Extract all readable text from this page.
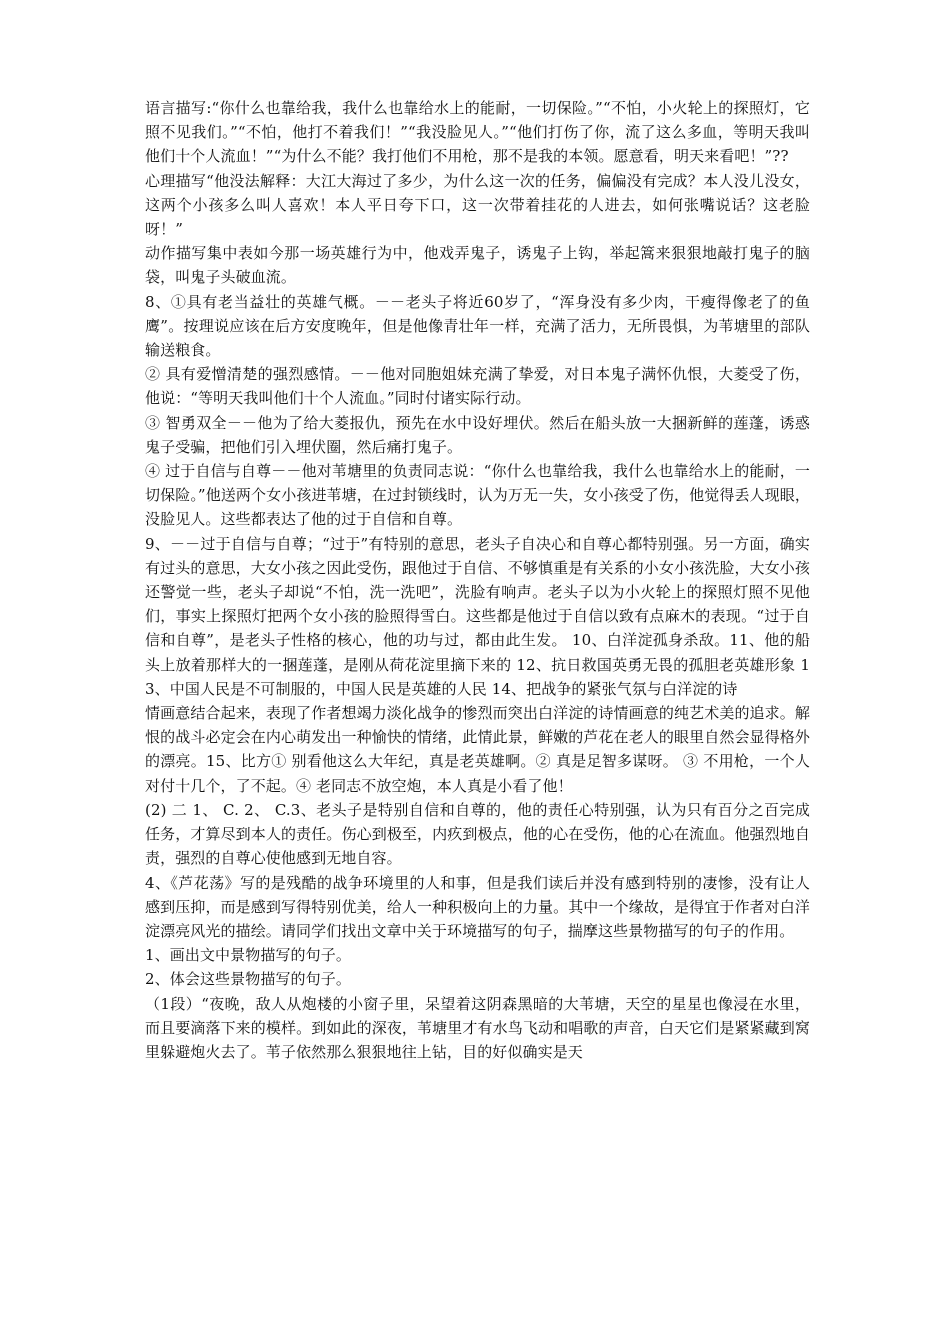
语言描写:“你什么也靠给我，我什么也靠给水上的能耐，一切保险。”“不怕，小火轮上的探照灯，它照不见我们。”“不怕，他打不着我们！”“我没脸见人。”“他们打伤了你，流了这么多血，等明天我叫他们十个人流血！”“为什么不能？我打他们不用枪，那不是我的本领。愿意看，明天来看吧！”??

心理描写“他没法解释：大江大海过了多少，为什么这一次的任务，偏偏没有完成？本人没儿没女，这两个小孩多么叫人喜欢！本人平日夸下口，这一次带着挂花的人进去，如何张嘴说话？这老脸呀！”

动作描写集中表如今那一场英雄行为中，他戏弄鬼子，诱鬼子上钩，举起篙来狠狠地敲打鬼子的脑袋，叫鬼子头破血流。

8、①具有老当益壮的英雄气概。－－老头子将近60岁了，“浑身没有多少肉，干瘦得像老了的鱼鹰”。按理说应该在后方安度晚年，但是他像青壮年一样，充满了活力，无所畏惧，为苇塘里的部队输送粮食。

② 具有爱憎清楚的强烈感情。－－他对同胞姐妹充满了挚爱，对日本鬼子满怀仇恨，大菱受了伤，他说：“等明天我叫他们十个人流血。”同时付诸实际行动。

③ 智勇双全－－他为了给大菱报仇，预先在水中设好埋伏。然后在船头放一大捆新鲜的莲蓬，诱惑鬼子受骗，把他们引入埋伏圈，然后痛打鬼子。

④ 过于自信与自尊－－他对苇塘里的负责同志说：“你什么也靠给我，我什么也靠给水上的能耐，一切保险。”他送两个女小孩进苇塘，在过封锁线时，认为万无一失，女小孩受了伤，他觉得丢人现眼，没脸见人。这些都表达了他的过于自信和自尊。

9、－－过于自信与自尊；“过于”有特别的意思，老头子自决心和自尊心都特别强。另一方面，确实有过头的意思，大女小孩之因此受伤，跟他过于自信、不够慎重是有关系的小女小孩洗脸，大女小孩还警觉一些，老头子却说“不怕，洗一洗吧”，洗脸有响声。老头子以为小火轮上的探照灯照不见他们，事实上探照灯把两个女小孩的脸照得雪白。这些都是他过于自信以致有点麻木的表现。“过于自信和自尊”，是老头子性格的核心，他的功与过，都由此生发。 10、白洋淀孤身杀敌。11、他的船头上放着那样大的一捆莲蓬，是刚从荷花淀里摘下来的 12、抗日救国英勇无畏的孤胆老英雄形象 13、中国人民是不可制服的，中国人民是英雄的人民 14、把战争的紧张气氛与白洋淀的诗

情画意结合起来，表现了作者想竭力淡化战争的惨烈而突出白洋淀的诗情画意的纯艺术美的追求。解恨的战斗必定会在内心萌发出一种愉快的情绪，此情此景，鲜嫩的芦花在老人的眼里自然会显得格外的漂亮。15、比方① 别看他这么大年纪，真是老英雄啊。② 真是足智多谋呀。 ③ 不用枪，一个人对付十几个，了不起。④ 老同志不放空炮，本人真是小看了他！

(2) 二 1、 C. 2、 C.3、老头子是特别自信和自尊的，他的责任心特别强，认为只有百分之百完成任务，才算尽到本人的责任。伤心到极至，内疚到极点，他的心在受伤，他的心在流血。他强烈地自责，强烈的自尊心使他感到无地自容。

4、《芦花荡》写的是残酷的战争环境里的人和事，但是我们读后并没有感到特别的凄惨，没有让人感到压抑，而是感到写得特别优美，给人一种积极向上的力量。其中一个缘故，是得宜于作者对白洋淀漂亮风光的描绘。请同学们找出文章中关于环境描写的句子，揣摩这些景物描写的句子的作用。

1、画出文中景物描写的句子。

2、体会这些景物描写的句子。

（1段）“夜晚，敌人从炮楼的小窗子里，呆望着这阴森黑暗的大苇塘，天空的星星也像浸在水里，而且要滴落下来的模样。到如此的深夜，苇塘里才有水鸟飞动和唱歌的声音，白天它们是紧紧藏到窝里躲避炮火去了。苇子依然那么狠狠地往上钻，目的好似确实是天
